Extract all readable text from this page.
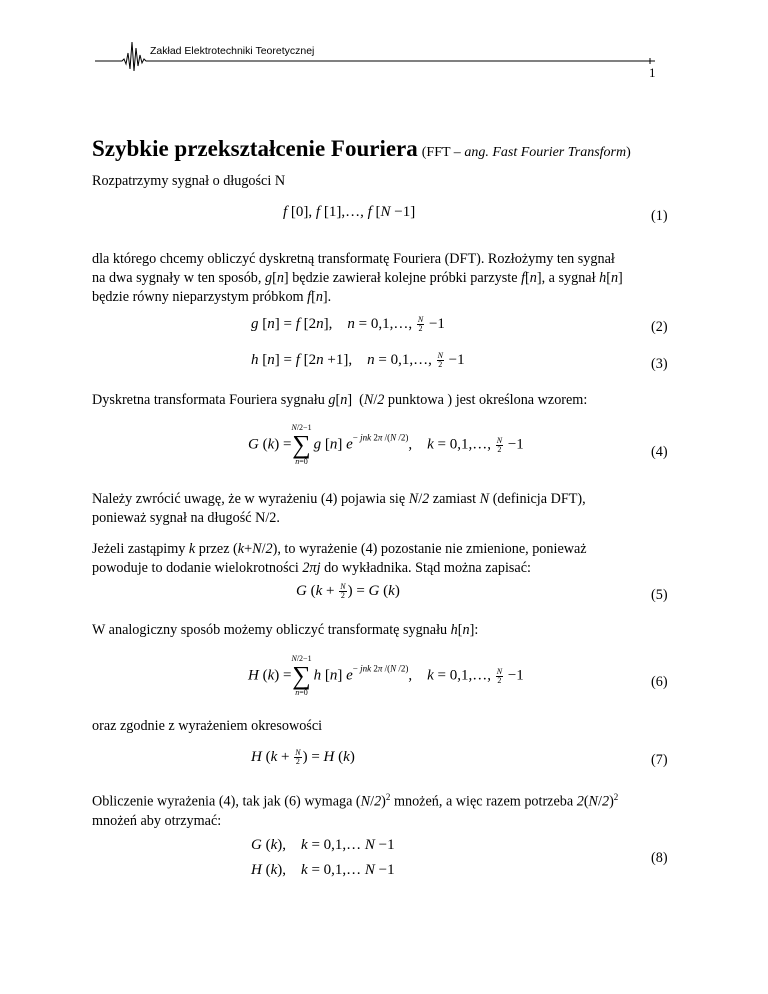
Zakład Elektrotechniki Teoretycznej
1
Szybkie przekształcenie Fouriera (FFT – ang. Fast Fourier Transform)
Rozpatrzymy sygnał o długości N
f [0], f [1],…, f [N −1]	(1)
dla którego chcemy obliczyć dyskretną transformatę Fouriera (DFT). Rozłożymy ten sygnał
na dwa sygnały w ten sposób, g[n] będzie zawierał kolejne próbki parzyste f[n], a sygnał h[n]
będzie równy nieparzystym próbkom f[n].
g [n] = f [2n],    n = 0,1,…, $\frac{N}{2} -1$	(2)
h [n] = f [2n +1],    n = 0,1,…, $\frac{N}{2} -1$	(3)
Dyskretna transformata Fouriera sygnału g[n]  (N/2 punktowa ) jest określona wzorem:
G (k) =
N/2−1
∑
n=0
g [n] $e^{- jnk 2\pi /(N /2)}$,    k = 0,1,…, $\frac{N}{2} -1$	(4)
Należy zwrócić uwagę, że w wyrażeniu (4) pojawia się N/2 zamiast N (definicja DFT),
ponieważ sygnał na długość N/2.
Jeżeli zastąpimy k przez (k+N/2), to wyrażenie (4) pozostanie nie zmienione, ponieważ
powoduje to dodanie wielokrotności 2πj do wykładnika. Stąd można zapisać:
G ($k + \frac{N}{2}$ ) = G (k)	(5)
W analogiczny sposób możemy obliczyć transformatę sygnału h[n]:
H (k) =
N/2−1
∑
n=0
h [n] $e^{- jnk 2\pi /(N /2)}$,    k = 0,1,…, $\frac{N}{2} -1$	(6)
oraz zgodnie z wyrażeniem okresowości
H ($k + \frac{N}{2}$ ) = H (k)	(7)
Obliczenie wyrażenia (4), tak jak (6) wymaga $(N/2)^2$ mnożeń, a więc razem potrzeba $2(N/2)^2$
mnożeń aby otrzymać:
G (k),    k = 0,1,… N −1
H (k),    k = 0,1,… N −1
(8)
